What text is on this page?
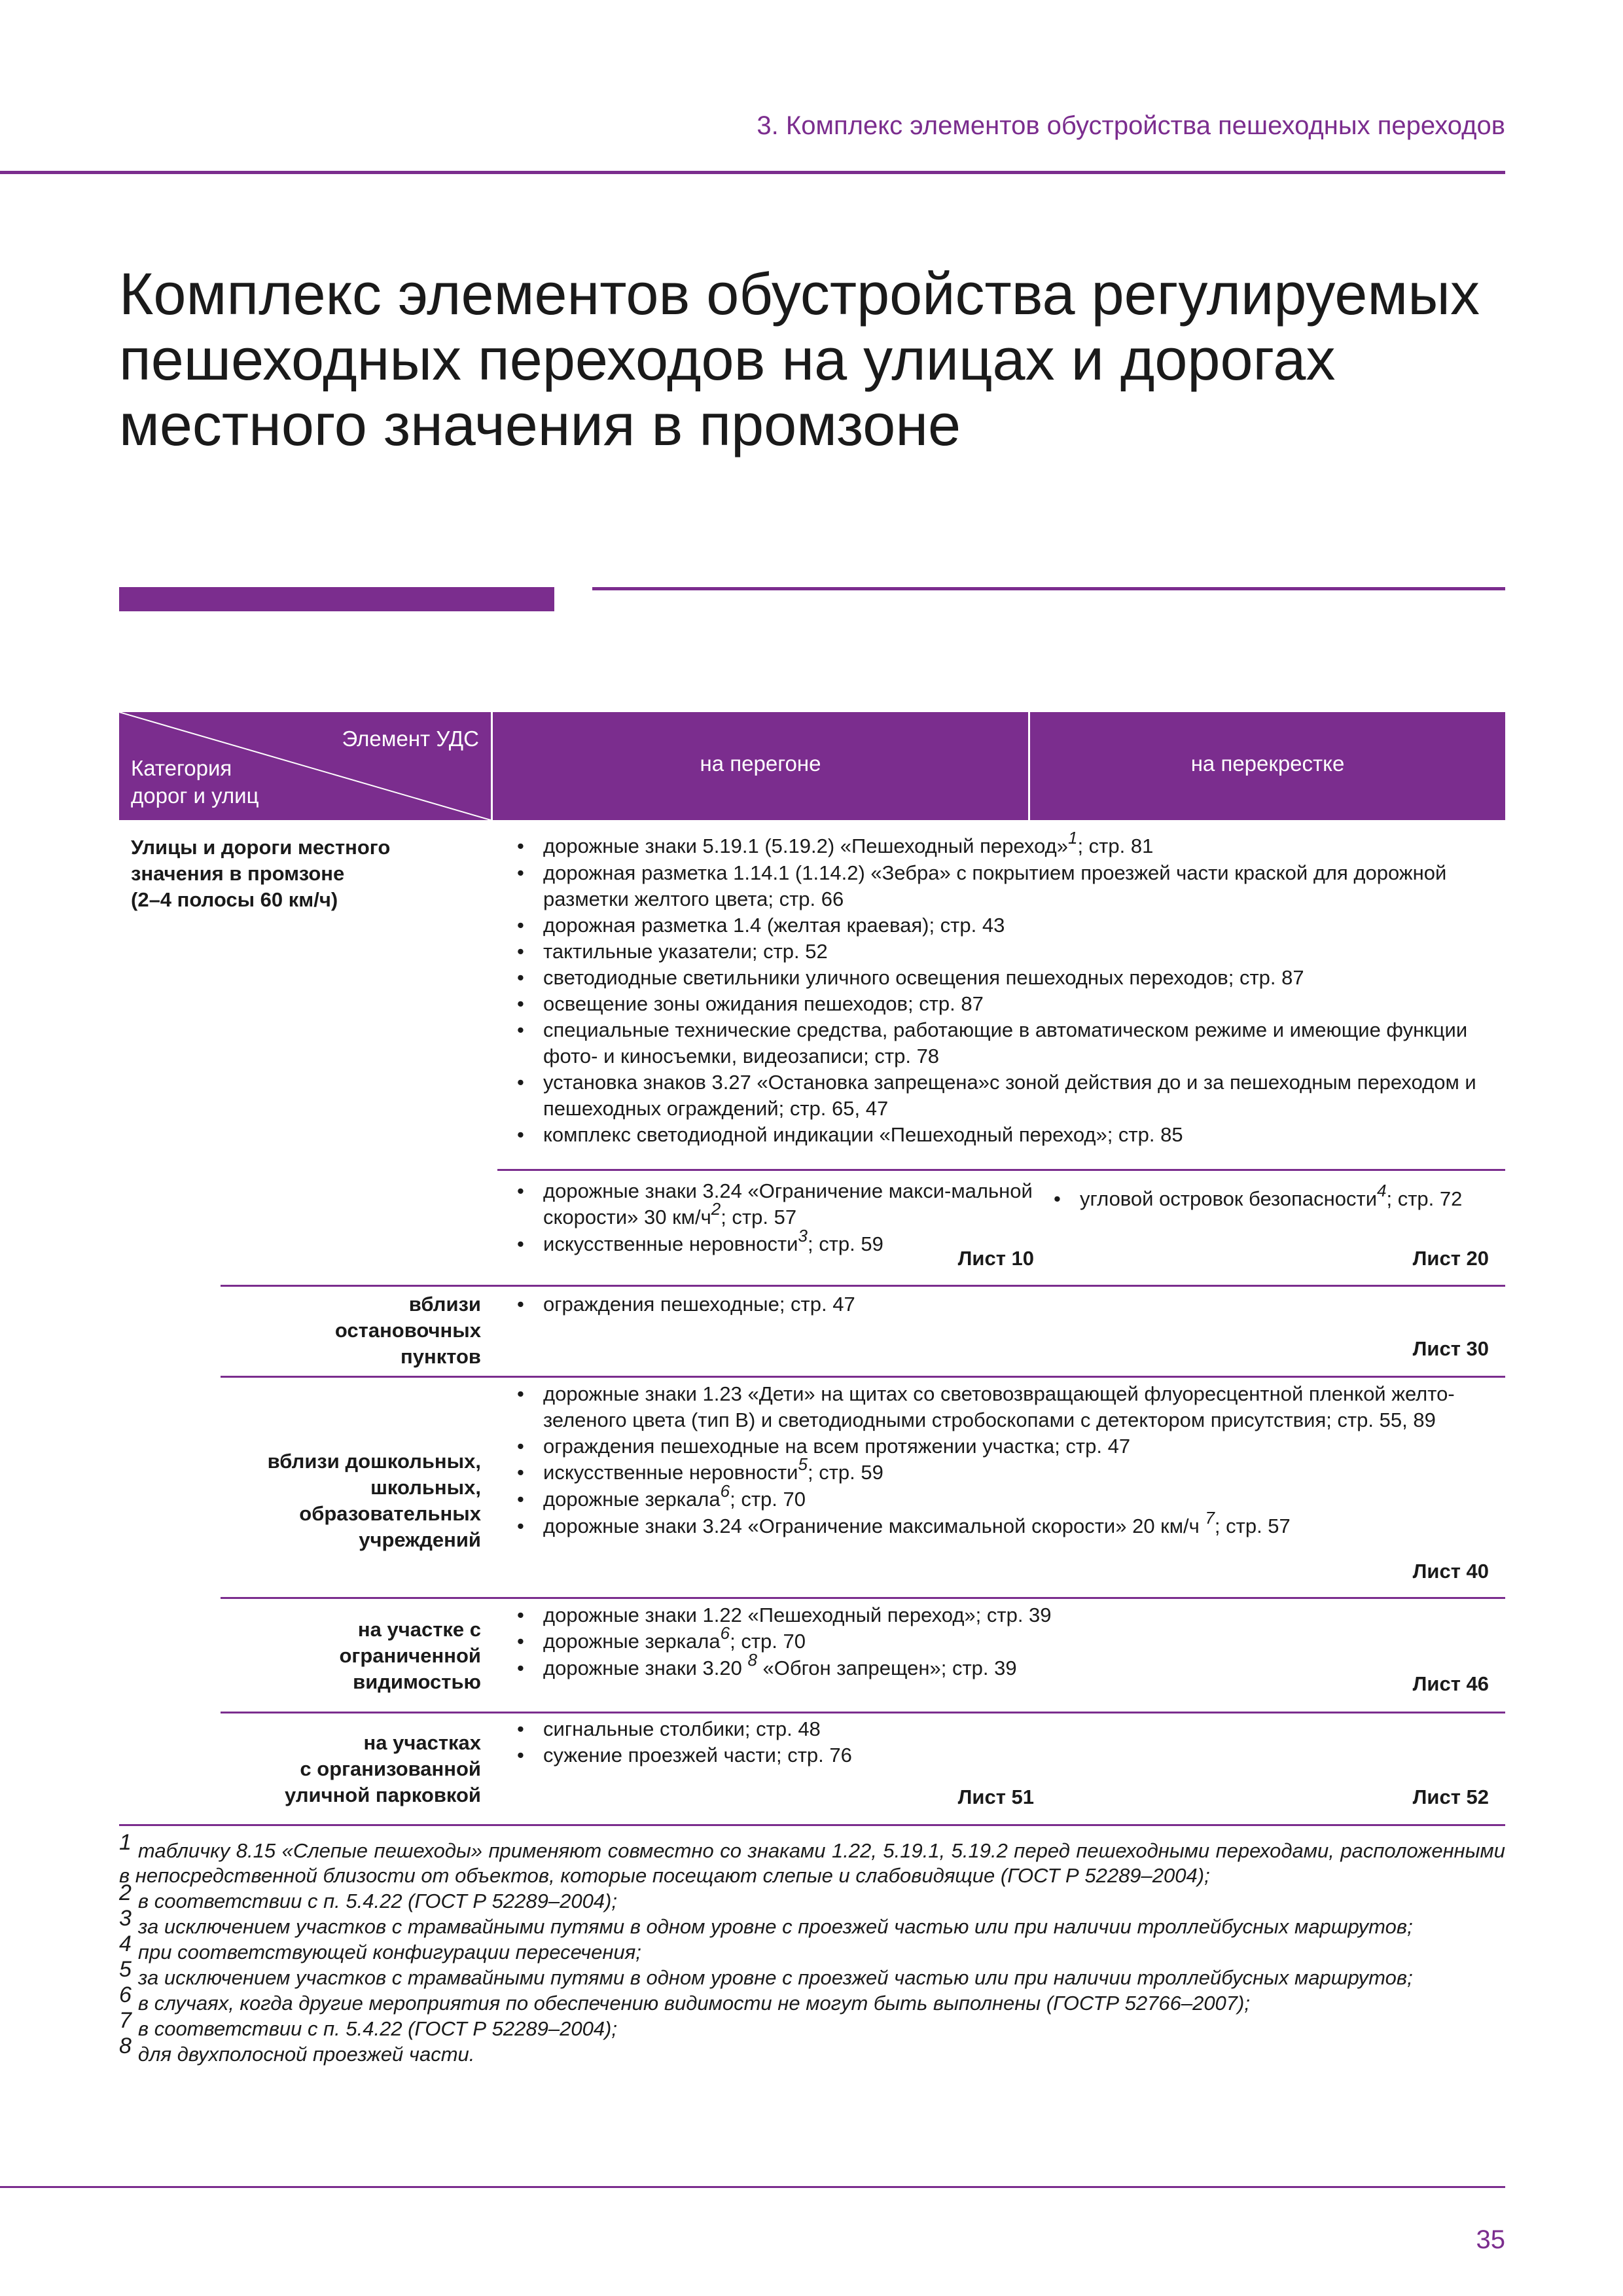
3. Комплекс элементов обустройства пешеходных переходов
Комплекс элементов обустройства регулируемых
пешеходных переходов на улицах и дорогах
местного значения в промзоне
Элемент УДС
Категория
дорог и улиц
на перегоне	на перекрестке
Улицы и дороги местного
значения в промзоне
(2–4 полосы 60 км/ч)
• дорожные знаки 5.19.1 (5.19.2) «Пешеходный переход»$^1$; стр. 81
• дорожная разметка 1.14.1 (1.14.2) «Зебра» с покрытием проезжей части краской для дорожной разметки желтого цвета; стр. 66
• дорожная разметка 1.4 (желтая краевая); стр. 43
• тактильные указатели; стр. 52
• светодиодные светильники уличного освещения пешеходных переходов; стр. 87
• освещение зоны ожидания пешеходов; стр. 87
• специальные технические средства, работающие в автоматическом режиме и имеющие функции фото- и киносъемки, видеозаписи; стр. 78
• установка знаков 3.27 «Остановка запрещена»с зоной действия до и за пешеходным переходом и пешеходных ограждений; стр. 65, 47
• комплекс светодиодной индикации «Пешеходный переход»; стр. 85
• дорожные знаки 3.24 «Ограничение макси-мальной скорости» 30 $км/ч^2$; стр. 57
• искусственные неровности$^3$; стр. 59
Лист 10
• угловой островок безопасности$^4$; стр. 72
Лист 20
вблизи
остановочных
пунктов
• ограждения пешеходные; стр. 47
Лист 30
вблизи дошкольных,
школьных,
образовательных
учреждений
• дорожные знаки 1.23 «Дети» на щитах со световозвращающей флуоресцентной пленкой желто-зеленого цвета (тип В) и светодиодными стробоскопами с детектором присутствия; стр. 55, 89
• ограждения пешеходные на всем протяжении участка; стр. 47
• искусственные неровности$^5$; стр. 59
• дорожные зеркала$^6$; стр. 70
• дорожные знаки 3.24 «Ограничение максимальной скорости» 20 км/ч $^7$; стр. 57
Лист 40
на участке с
ограниченной
видимостью
• дорожные знаки 1.22 «Пешеходный переход»; стр. 39
• дорожные зеркала$^6$; стр. 70
• дорожные знаки 3.20 $^8$ «Обгон запрещен»; стр. 39
Лист 46
на участках
с организованной
уличной парковкой
• сигнальные столбики; стр. 48
• сужение проезжей части; стр. 76
Лист 51	Лист 52

1 табличку 8.15 «Слепые пешеходы» применяют совместно со знаками 1.22, 5.19.1, 5.19.2 перед пешеходными переходами, расположенными в непосредственной близости от объектов, которые посещают слепые и слабовидящие (ГОСТ Р 52289–2004);

2 в соответствии с п. 5.4.22 (ГОСТ Р 52289–2004);

3 за исключением участков с трамвайными путями в одном уровне с проезжей частью или при наличии троллейбусных маршрутов;

4 при соответствующей конфигурации пересечения;

5 за исключением участков с трамвайными путями в одном уровне с проезжей частью или при наличии троллейбусных маршрутов;

6 в случаях, когда другие мероприятия по обеспечению видимости не могут быть выполнены (ГОСТР 52766–2007);

7 в соответствии с п. 5.4.22 (ГОСТ Р 52289–2004);

8 для двухполосной проезжей части.

35
